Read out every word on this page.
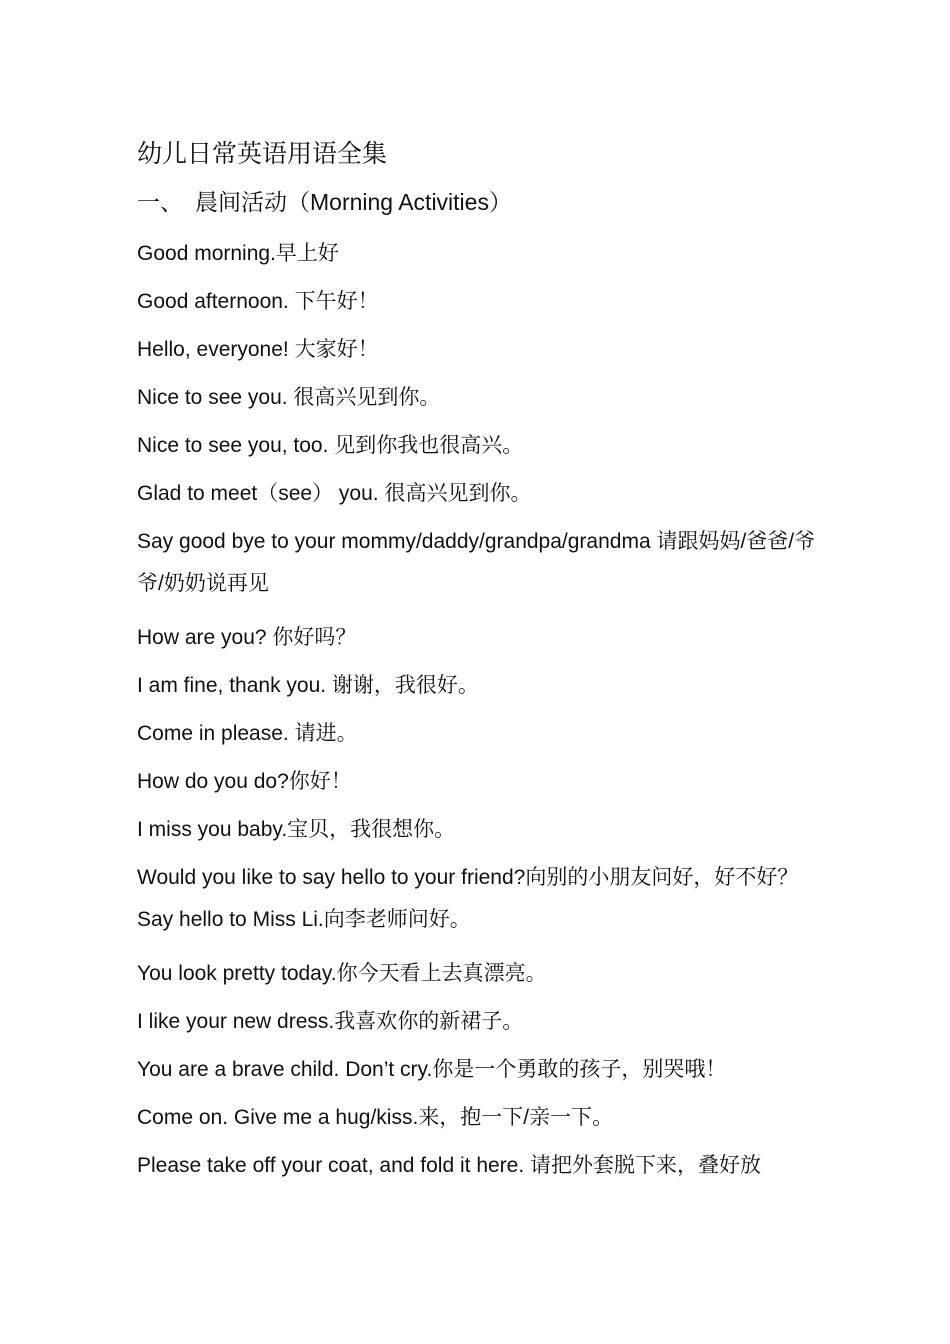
幼儿日常英语用语全集
一、 晨间活动（Morning Activities）
Good morning.早上好
Good afternoon. 下午好！
Hello, everyone! 大家好！
Nice to see you. 很高兴见到你。
Nice to see you, too. 见到你我也很高兴。
Glad to meet（see） you. 很高兴见到你。
Say good bye to your mommy/daddy/grandpa/grandma 请跟妈妈/爸爸/爷爷/奶奶说再见
How are you? 你好吗？
I am fine, thank you. 谢谢，我很好。
Come in please. 请进。
How do you do?你好！
I miss you baby.宝贝，我很想你。
Would you like to say hello to your friend?向别的小朋友问好，好不好？ Say hello to Miss Li.向李老师问好。
You look pretty today.你今天看上去真漂亮。
I like your new dress.我喜欢你的新裙子。
You are a brave child. Don’t cry.你是一个勇敢的孩子，别哭哦！
Come on. Give me a hug/kiss.来，抱一下/亲一下。
Please take off your coat, and fold it here. 请把外套脱下来，叠好放
